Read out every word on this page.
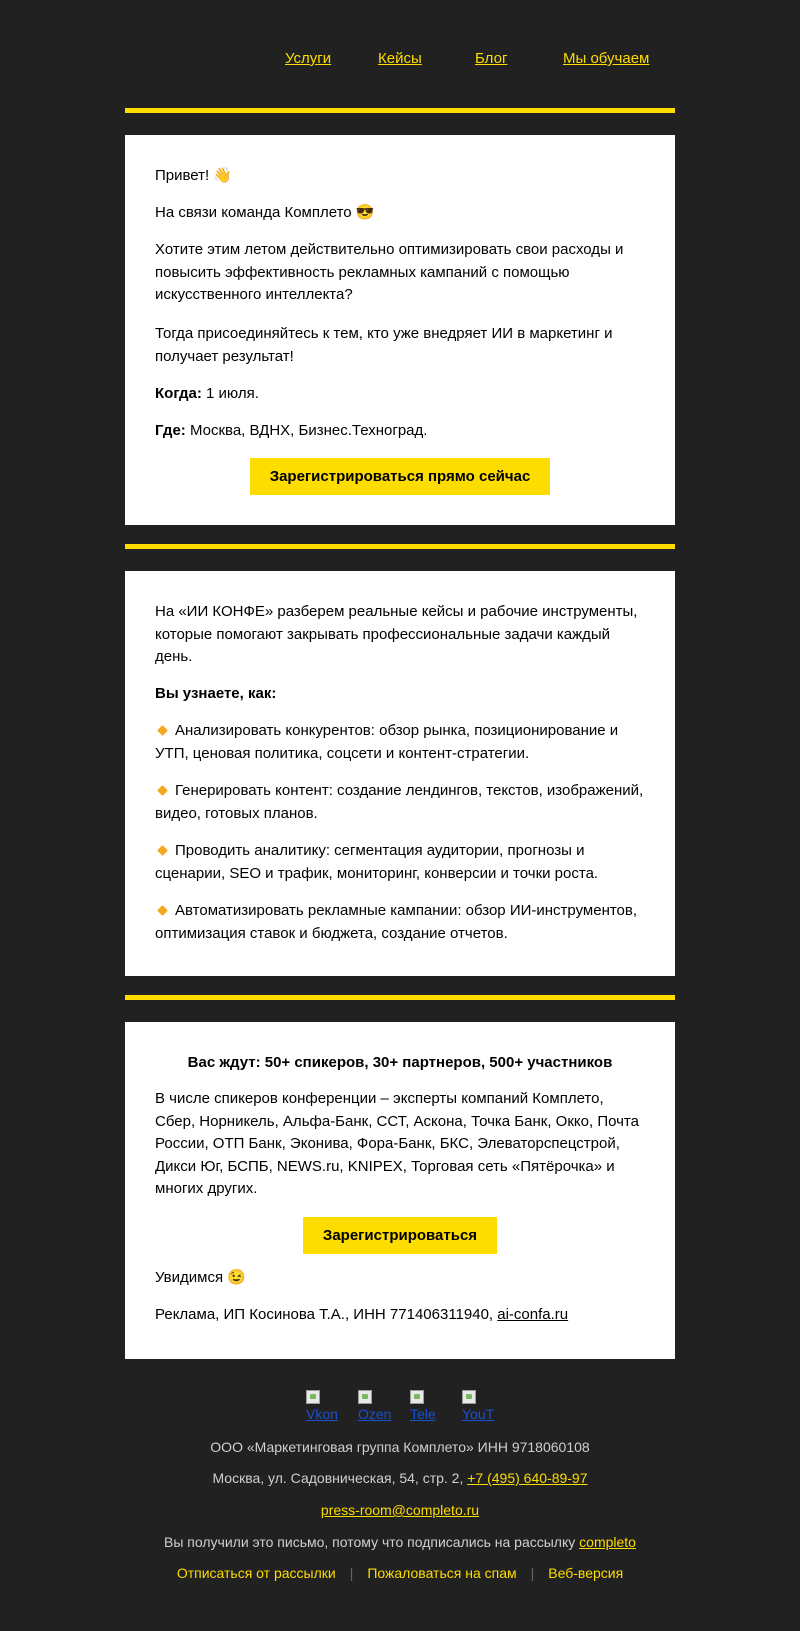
Услуги	Кейсы	Блог	Мы обучаем

Привет! 👋

На связи команда Комплето 😎

Хотите этим летом действительно оптимизировать свои расходы и повысить эффективность рекламных кампаний с помощью искусственного интеллекта?

Тогда присоединяйтесь к тем, кто уже внедряет ИИ в маркетинг и получает результат!

Когда: 1 июля.

Где: Москва, ВДНХ, Бизнес.Техноград.

Зарегистрироваться прямо сейчас

На «ИИ КОНФЕ» разберем реальные кейсы и рабочие инструменты, которые помогают закрывать профессиональные задачи каждый день.

Вы узнаете, как:

Анализировать конкурентов: обзор рынка, позиционирование и УТП, ценовая политика, соцсети и контент-стратегии.

Генерировать контент: создание лендингов, текстов, изображений, видео, готовых планов.

Проводить аналитику: сегментация аудитории, прогнозы и сценарии, SEO и трафик, мониторинг, конверсии и точки роста.

Автоматизировать рекламные кампании: обзор ИИ-инструментов, оптимизация ставок и бюджета, создание отчетов.

Вас ждут: 50+ спикеров, 30+ партнеров, 500+ участников

В числе спикеров конференции – эксперты компаний Комплето, Сбер, Норникель, Альфа-Банк, ССТ, Аскона, Точка Банк, Окко, Почта России, ОТП Банк, Эконива, Фора-Банк, БКС, Элеваторспецстрой, Дикси Юг, БСПБ, NEWS.ru, KNIPEX, Торговая сеть «Пятёрочка» и многих других.

Зарегистрироваться

Увидимся 😉

Реклама, ИП Косинова Т.А., ИНН 771406311940, ai-confa.ru

Vkon Ozen Tele	YouT
ООО «Маркетинговая группа Комплето» ИНН 9718060108
Москва, ул. Садовническая, 54, стр. 2, +7 (495) 640-89-97
press-room@completo.ru
Вы получили это письмо, потому что подписались на рассылку completo
Отписаться от рассылки | Пожаловаться на спам | Веб-версия
